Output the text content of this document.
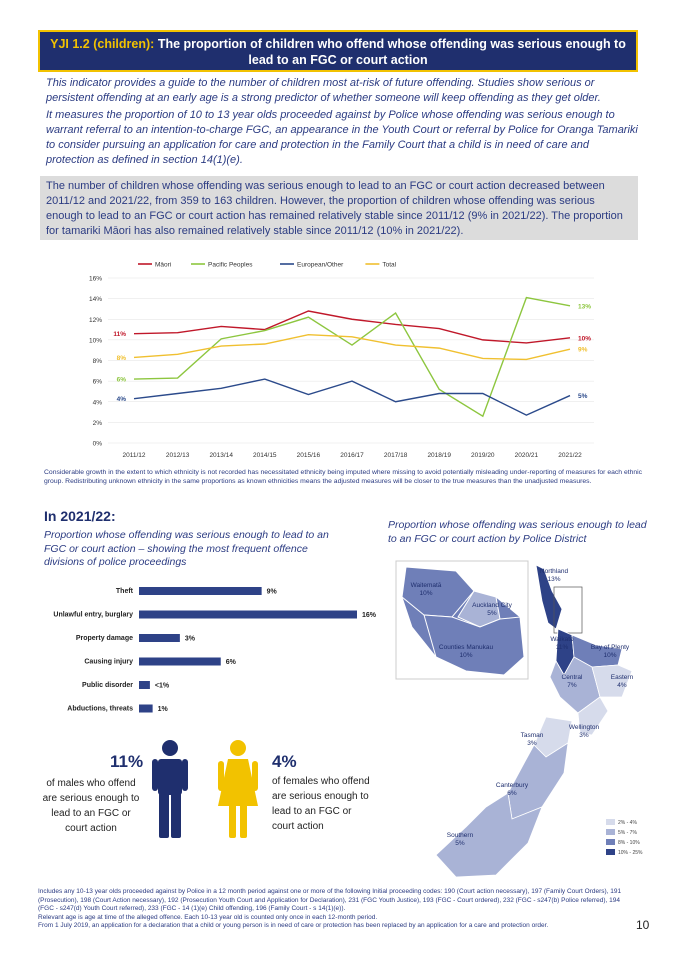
YJI 1.2 (children): The proportion of children who offend whose offending was serious enough to lead to an FGC or court action

This indicator provides a guide to the number of children most at-risk of future offending. Studies show serious or persistent offending at an early age is a strong predictor of whether someone will keep offending as they get older.

It measures the proportion of 10 to 13 year olds proceeded against by Police whose offending was serious enough to warrant referral to an intention-to-charge FGC, an appearance in the Youth Court or referral by Police for Oranga Tamariki to consider pursuing an application for care and protection in the Family Court that a child is in need of care and protection as defined in section 14(1)(e).

The number of children whose offending was serious enough to lead to an FGC or court action decreased between 2011/12 and 2021/22, from 359 to 163 children. However, the proportion of children whose offending was serious enough to lead to an FGC or court action has remained relatively stable since 2011/12 (9% in 2021/22). The proportion for tamariki Māori has also remained relatively stable since 2011/12 (10% in 2021/22).
0%
2%
4%
6%
8%
10%
12%
14%
16%
2011/12	2012/13	2013/14	2014/15	2015/16	2016/17	2017/18	2018/19	2019/20	2020/21	2021/22
Māori	Pacific Peoples	European/Other	Total
11%
10%
6%
13%
4%	5%
8%
9%

Considerable growth in the extent to which ethnicity is not recorded has necessitated ethnicity being imputed where missing to avoid potentially misleading under-reporting of measures for each ethnic group. Redistributing unknown ethnicity in the same proportions as known ethnicities means the adjusted measures will be closer to the true measures than the unadjusted measures.

In 2021/22:

Proportion whose offending was serious enough to lead to an FGC or court action – showing the most frequent offence divisions of police proceedings

Proportion whose offending was serious enough to lead to an FGC or court action by Police District

Theft	9%
Unlawful entry, burglary	16%
Property damage	3%
Causing injury	6%
Public disorder	<1%
Abductions, threats	1%
11%
of males who offend
are serious enough to
lead to an FGC or
court action
4%
of females who offend
are serious enough to
lead to an FGC or
court action
Waitematā
10%
Auckland City
5%
Counties Manukau
10%
Northland
13%
Waikato
11%	Bay of Plenty
10%
Central
7%
Eastern
4%
Wellington
3%
Tasman
3%
Canterbury
6%
Southern
5%
2% - 4%
5% - 7%
8% - 10%
10% - 25%

Includes any 10-13 year olds proceeded against by Police in a 12 month period against one or more of the following Initial proceeding codes: 190 (Court action necessary), 197 (Family Court Orders), 191 (Prosecution), 198 (Court Action necessary), 192 (Prosecution Youth Court and Application for Declaration), 231 (FGC Youth Justice), 193 (FGC - Court ordered), 232 (FGC - s247(b) Police referred), 194 (FGC - s247(d) Youth Court referred), 233 (FGC - 14 (1)(e) Child offending, 196 (Family Court - s 14(1)(e)).

Relevant age is age at time of the alleged offence. Each 10-13 year old is counted only once in each 12-month period.

From 1 July 2019, an application for a declaration that a child or young person is in need of care or protection has been replaced by an application for a care and protection order.	10
